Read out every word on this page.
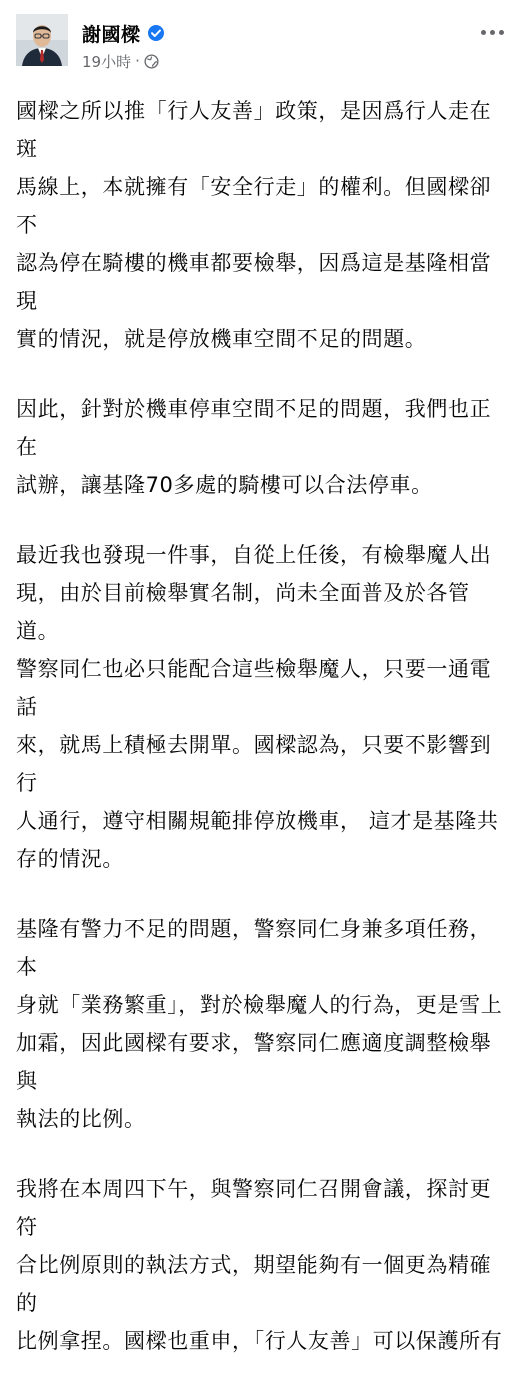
謝國樑
19小時 ·

國樑之所以推「行人友善」政策，是因爲行人走在斑
馬線上，本就擁有「安全行走」的權利。但國樑卻不
認為停在騎樓的機車都要檢舉，因爲這是基隆相當現
實的情況，就是停放機車空間不足的問題。

因此，針對於機車停車空間不足的問題，我們也正在
試辦，讓基隆70多處的騎樓可以合法停車。

最近我也發現一件事，自從上任後，有檢舉魔人出
現，由於目前檢舉實名制，尚未全面普及於各管道。
警察同仁也必只能配合這些檢舉魔人，只要一通電話
來，就馬上積極去開單。國樑認為，只要不影響到行
人通行，遵守相關規範排停放機車， 這才是基隆共
存的情況。

基隆有警力不足的問題，警察同仁身兼多項任務，本
身就「業務繁重」，對於檢舉魔人的行為，更是雪上
加霜，因此國樑有要求，警察同仁應適度調整檢舉與
執法的比例。

我將在本周四下午，與警察同仁召開會議，探討更符
合比例原則的執法方式，期望能夠有一個更為精確的
比例拿捏。國樑也重申，「行人友善」可以保護所有
